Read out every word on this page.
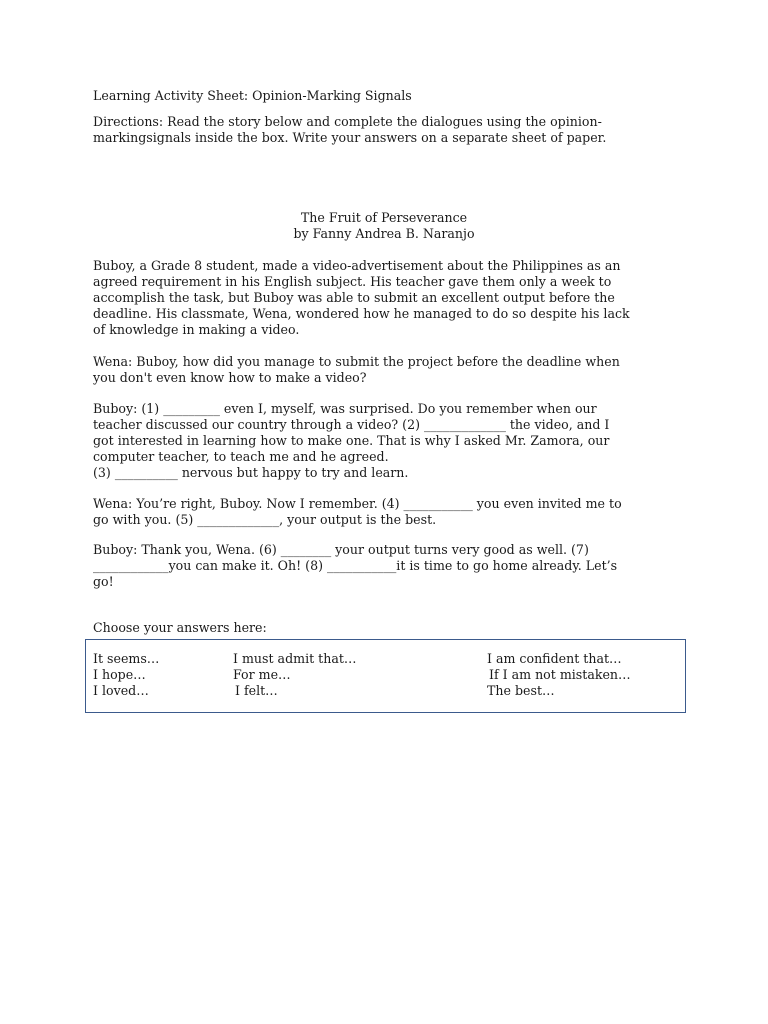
Learning Activity Sheet: Opinion-Marking Signals
Directions: Read the story below and complete the dialogues using the opinion-
markingsignals inside the box. Write your answers on a separate sheet of paper.
The Fruit of Perseverance
by Fanny Andrea B. Naranjo
Buboy, a Grade 8 student, made a video-advertisement about the Philippines as an
agreed requirement in his English subject. His teacher gave them only a week to
accomplish the task, but Buboy was able to submit an excellent output before the
deadline. His classmate, Wena, wondered how he managed to do so despite his lack
of knowledge in making a video.
Wena: Buboy, how did you manage to submit the project before the deadline when
you don't even know how to make a video?
Buboy: (1) _________ even I, myself, was surprised. Do you remember when our
teacher discussed our country through a video? (2) _____________ the video, and I
got interested in learning how to make one. That is why I asked Mr. Zamora, our
computer teacher, to teach me and he agreed.
(3) __________ nervous but happy to try and learn.
Wena: You’re right, Buboy. Now I remember. (4) ___________ you even invited me to
go with you. (5) _____________, your output is the best.
Buboy: Thank you, Wena. (6) ________ your output turns very good as well. (7)
____________you can make it. Oh! (8) ___________it is time to go home already. Let’s
go!
Choose your answers here:
It seems…
I hope…
I loved…
I must admit that…
For me…
I felt…
I am confident that…
If I am not mistaken…
The best…
